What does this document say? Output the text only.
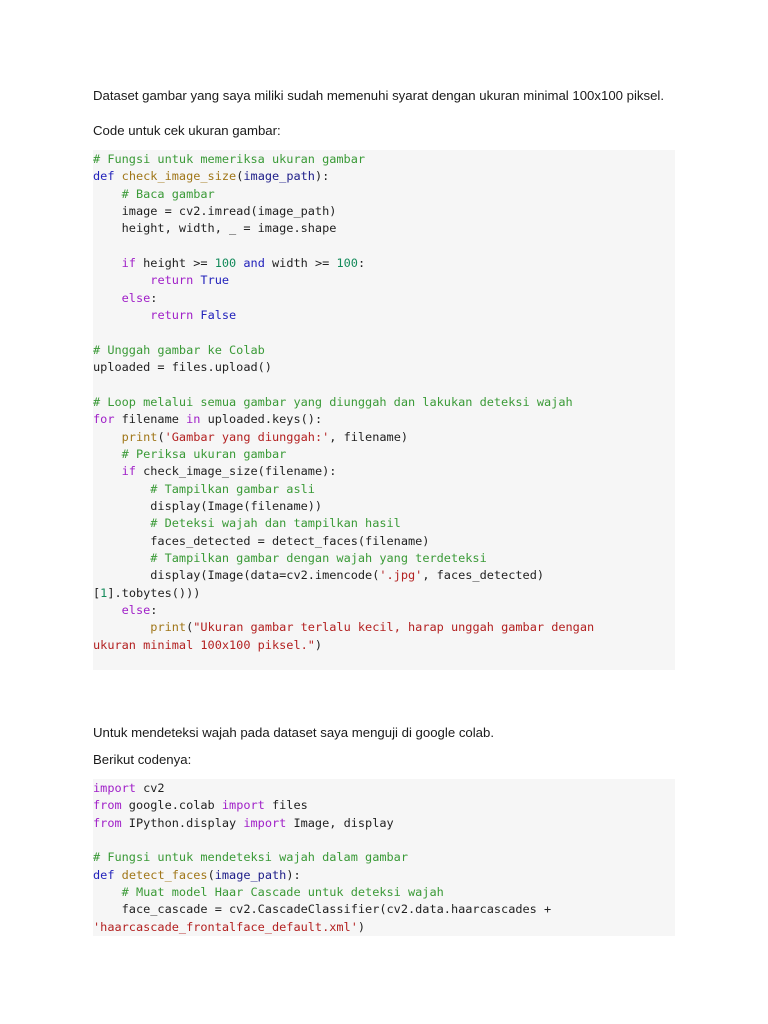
Dataset gambar yang saya miliki sudah memenuhi syarat dengan ukuran minimal 100x100 piksel.
Code untuk cek ukuran gambar:
# Fungsi untuk memeriksa ukuran gambar
def check_image_size(image_path):
# Baca gambar
image = cv2.imread(image_path)
height, width, _ = image.shape
if height >= 100 and width >= 100:
return True
else:
return False
# Unggah gambar ke Colab
uploaded = files.upload()
# Loop melalui semua gambar yang diunggah dan lakukan deteksi wajah
for filename in uploaded.keys():
print('Gambar yang diunggah:', filename)
# Periksa ukuran gambar
if check_image_size(filename):
# Tampilkan gambar asli
display(Image(filename))
# Deteksi wajah dan tampilkan hasil
faces_detected = detect_faces(filename)
# Tampilkan gambar dengan wajah yang terdeteksi
display(Image(data=cv2.imencode('.jpg', faces_detected)
[1].tobytes()))
else:
print("Ukuran gambar terlalu kecil, harap unggah gambar dengan
ukuran minimal 100x100 piksel.")
Untuk mendeteksi wajah pada dataset saya menguji di google colab.
Berikut codenya:
import cv2
from google.colab import files
from IPython.display import Image, display
# Fungsi untuk mendeteksi wajah dalam gambar
def detect_faces(image_path):
# Muat model Haar Cascade untuk deteksi wajah
face_cascade = cv2.CascadeClassifier(cv2.data.haarcascades +
'haarcascade_frontalface_default.xml')
